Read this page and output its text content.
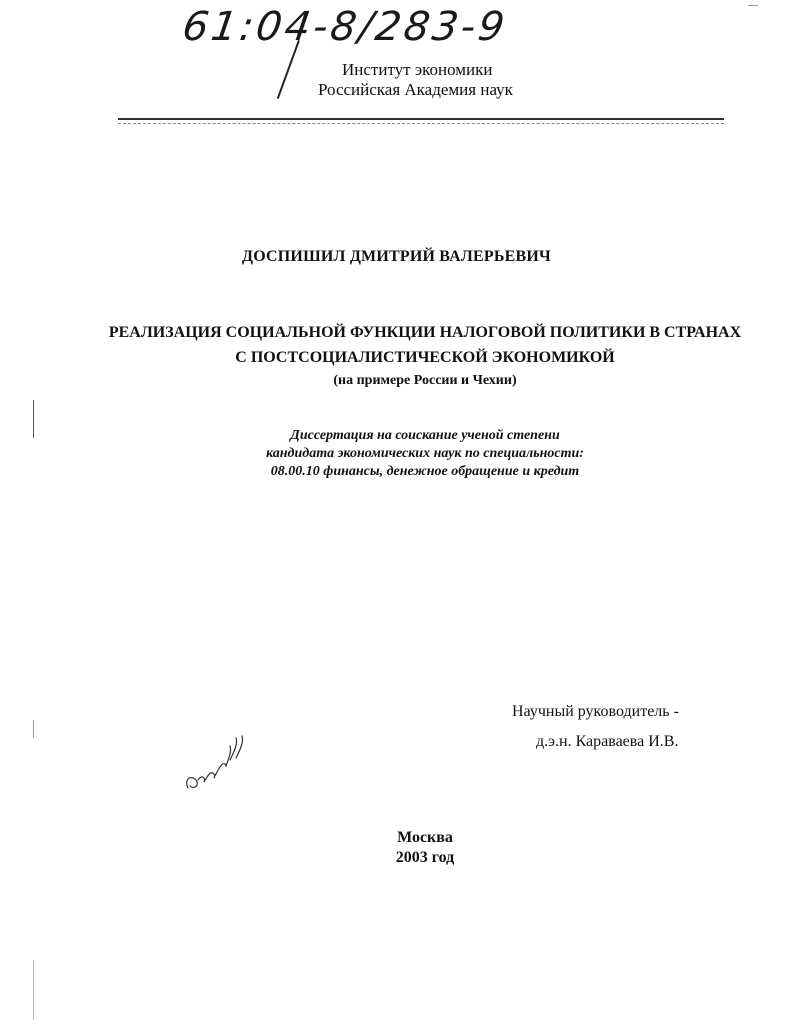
61:04-8/283-9
Институт экономики
Российская Академия наук
ДОСПИШИЛ ДМИТРИЙ ВАЛЕРЬЕВИЧ
РЕАЛИЗАЦИЯ СОЦИАЛЬНОЙ ФУНКЦИИ НАЛОГОВОЙ ПОЛИТИКИ В СТРАНАХ
С ПОСТСОЦИАЛИСТИЧЕСКОЙ ЭКОНОМИКОЙ
(на примере России и Чехии)
Диссертация на соискание ученой степени
кандидата экономических наук по специальности:
08.00.10 финансы, денежное обращение и кредит
Научный руководитель -
д.э.н. Караваева И.В.
Москва
2003 год
